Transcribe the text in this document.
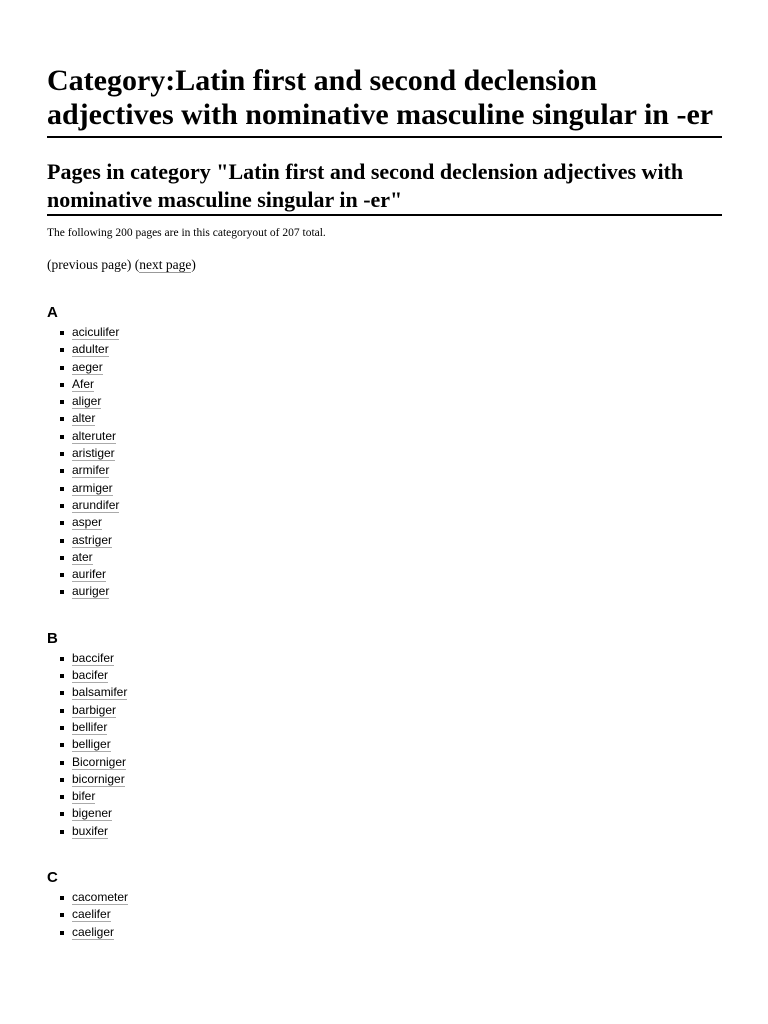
Category:Latin first and second declension adjectives with nominative masculine singular in -er
Pages in category "Latin first and second declension adjectives with nominative masculine singular in -er"

The following 200 pages are in this categoryout of 207 total.

(previous page) (next page)

A
aciculifer
adulter
aeger
Afer
aliger
alter
alteruter
aristiger
armifer
armiger
arundifer
asper
astriger
ater
aurifer
auriger
B
baccifer
bacifer
balsamifer
barbiger
bellifer
belliger
Bicorniger
bicorniger
bifer
bigener
buxifer
C
cacometer
caelifer
caeliger
